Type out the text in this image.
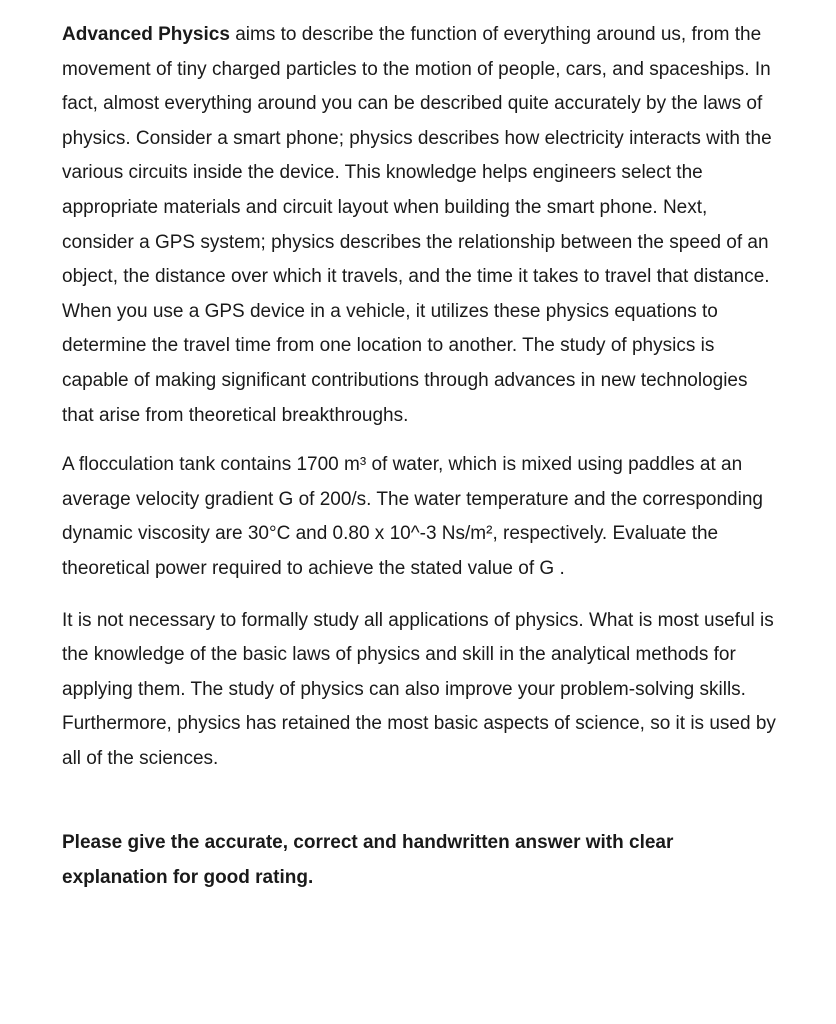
Advanced Physics aims to describe the function of everything around us, from the movement of tiny charged particles to the motion of people, cars, and spaceships. In fact, almost everything around you can be described quite accurately by the laws of physics. Consider a smart phone; physics describes how electricity interacts with the various circuits inside the device. This knowledge helps engineers select the appropriate materials and circuit layout when building the smart phone. Next, consider a GPS system; physics describes the relationship between the speed of an object, the distance over which it travels, and the time it takes to travel that distance. When you use a GPS device in a vehicle, it utilizes these physics equations to determine the travel time from one location to another. The study of physics is capable of making significant contributions through advances in new technologies that arise from theoretical breakthroughs.

A flocculation tank contains 1700 m³ of water, which is mixed using paddles at an average velocity gradient G of 200/s. The water temperature and the corresponding dynamic viscosity are 30°C and 0.80 x 10^-3 Ns/m², respectively. Evaluate the theoretical power required to achieve the stated value of G .

It is not necessary to formally study all applications of physics. What is most useful is the knowledge of the basic laws of physics and skill in the analytical methods for applying them. The study of physics can also improve your problem-solving skills. Furthermore, physics has retained the most basic aspects of science, so it is used by all of the sciences.

Please give the accurate, correct and handwritten answer with clear explanation for good rating.
